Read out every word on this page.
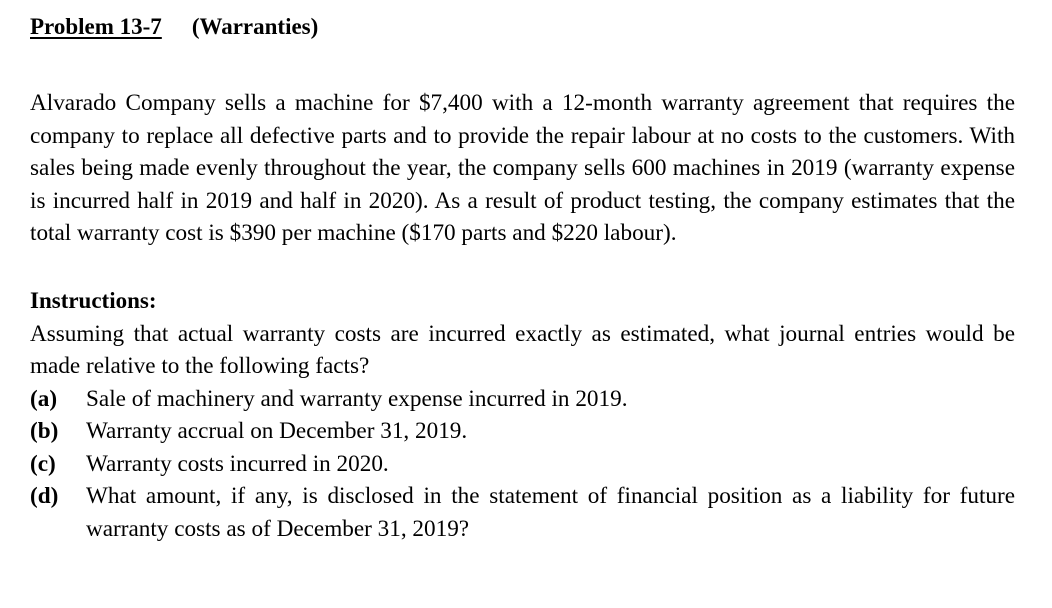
Problem 13-7 (Warranties)
Alvarado Company sells a machine for $7,400 with a 12-month warranty agreement that requires the company to replace all defective parts and to provide the repair labour at no costs to the customers. With sales being made evenly throughout the year, the company sells 600 machines in 2019 (warranty expense is incurred half in 2019 and half in 2020). As a result of product testing, the company estimates that the total warranty cost is $390 per machine ($170 parts and $220 labour).
Instructions:
Assuming that actual warranty costs are incurred exactly as estimated, what journal entries would be made relative to the following facts?
(a)	Sale of machinery and warranty expense incurred in 2019.
(b)	Warranty accrual on December 31, 2019.
(c)	Warranty costs incurred in 2020.
(d)	What amount, if any, is disclosed in the statement of financial position as a liability for future warranty costs as of December 31, 2019?
